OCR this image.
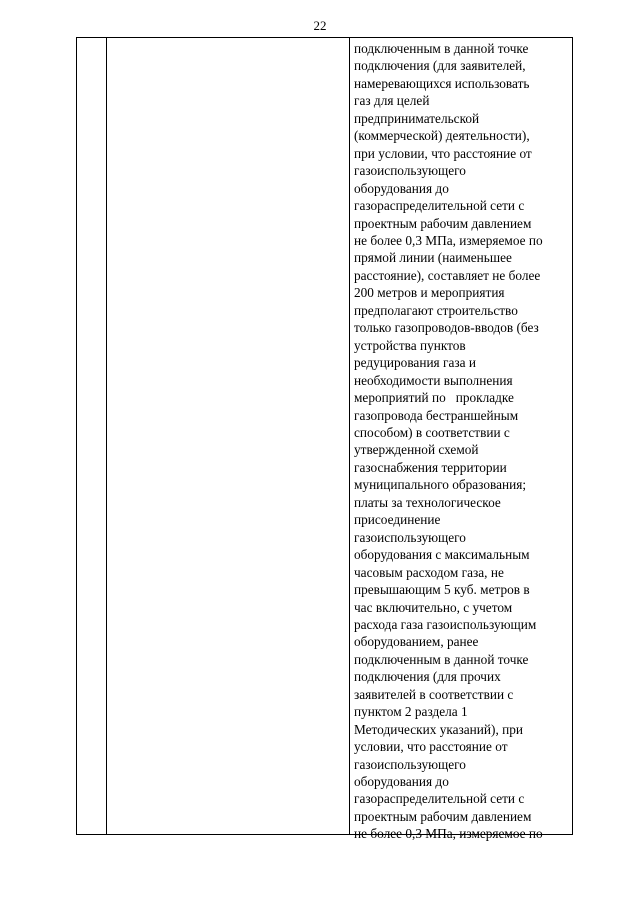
22
подключенным в данной точке
подключения (для заявителей,
намеревающихся использовать
газ для целей
предпринимательской
(коммерческой) деятельности),
при условии, что расстояние от
газоиспользующего
оборудования до
газораспределительной сети с
проектным рабочим давлением
не более 0,3 МПа, измеряемое по
прямой линии (наименьшее
расстояние), составляет не более
200 метров и мероприятия
предполагают строительство
только газопроводов-вводов (без
устройства пунктов
редуцирования газа и
необходимости выполнения
мероприятий по   прокладке
газопровода бестраншейным
способом) в соответствии с
утвержденной схемой
газоснабжения территории
муниципального образования;
платы за технологическое
присоединение
газоиспользующего
оборудования с максимальным
часовым расходом газа, не
превышающим 5 куб. метров в
час включительно, с учетом
расхода газа газоиспользующим
оборудованием, ранее
подключенным в данной точке
подключения (для прочих
заявителей в соответствии с
пунктом 2 раздела 1
Методических указаний), при
условии, что расстояние от
газоиспользующего
оборудования до
газораспределительной сети с
проектным рабочим давлением
не более 0,3 МПа, измеряемое по
